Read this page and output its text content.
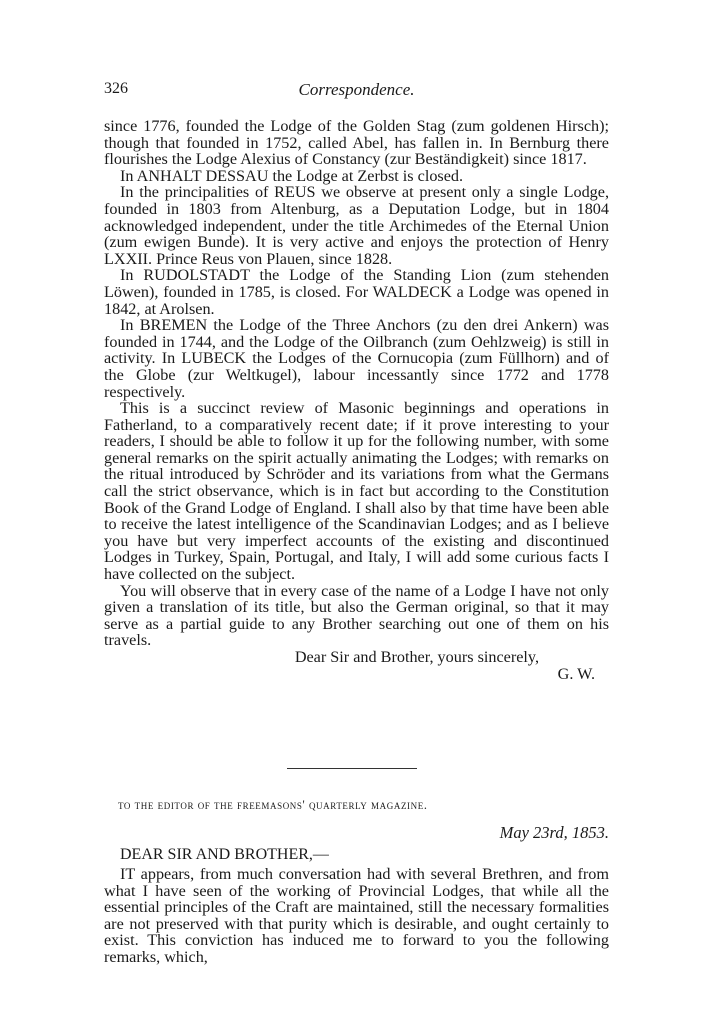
326	Correspondence.

since 1776, founded the Lodge of the Golden Stag (zum goldenen Hirsch); though that founded in 1752, called Abel, has fallen in. In Bernburg there flourishes the Lodge Alexius of Constancy (zur Beständigkeit) since 1817.

In ANHALT DESSAU the Lodge at Zerbst is closed.

In the principalities of REUS we observe at present only a single Lodge, founded in 1803 from Altenburg, as a Deputation Lodge, but in 1804 acknowledged independent, under the title Archimedes of the Eternal Union (zum ewigen Bunde). It is very active and enjoys the protection of Henry LXXII. Prince Reus von Plauen, since 1828.

In RUDOLSTADT the Lodge of the Standing Lion (zum stehenden Löwen), founded in 1785, is closed. For WALDECK a Lodge was opened in 1842, at Arolsen.

In BREMEN the Lodge of the Three Anchors (zu den drei Ankern) was founded in 1744, and the Lodge of the Oilbranch (zum Oehlzweig) is still in activity. In LUBECK the Lodges of the Cornucopia (zum Füllhorn) and of the Globe (zur Weltkugel), labour incessantly since 1772 and 1778 respectively.

This is a succinct review of Masonic beginnings and operations in Fatherland, to a comparatively recent date; if it prove interesting to your readers, I should be able to follow it up for the following number, with some general remarks on the spirit actually animating the Lodges; with remarks on the ritual introduced by Schröder and its variations from what the Germans call the strict observance, which is in fact but according to the Constitution Book of the Grand Lodge of England. I shall also by that time have been able to receive the latest intelligence of the Scandinavian Lodges; and as I believe you have but very imperfect accounts of the existing and discontinued Lodges in Turkey, Spain, Portugal, and Italy, I will add some curious facts I have collected on the subject.

You will observe that in every case of the name of a Lodge I have not only given a translation of its title, but also the German original, so that it may serve as a partial guide to any Brother searching out one of them on his travels.

Dear Sir and Brother, yours sincerely,

G. W.

to the editor of the freemasons' quarterly magazine.
May 23rd, 1853.
DEAR SIR AND BROTHER,—

IT appears, from much conversation had with several Brethren, and from what I have seen of the working of Provincial Lodges, that while all the essential principles of the Craft are maintained, still the necessary formalities are not preserved with that purity which is desirable, and ought certainly to exist. This conviction has induced me to forward to you the following remarks, which,
